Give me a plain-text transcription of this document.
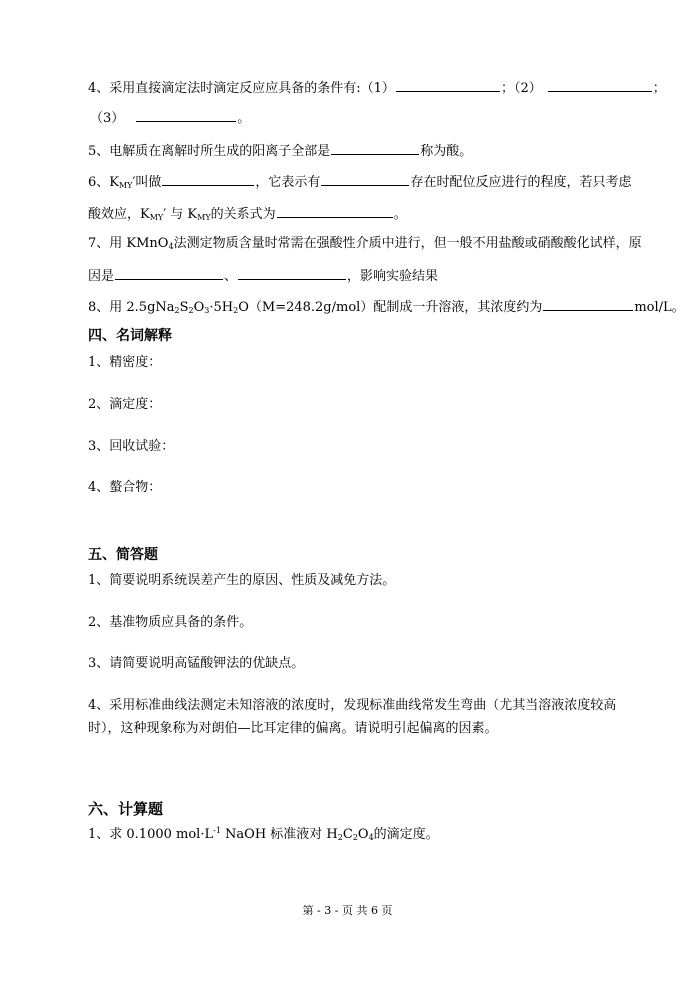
4、采用直接滴定法时滴定反应应具备的条件有:（1）	；（2）	；
（3）	。
5、电解质在离解时所生成的阳离子全部是	称为酸。
6、$K_{MY}'$叫做	，它表示有	存在时配位反应进行的程度，若只考虑
酸效应，$K_{MY}'$ 与 $K_{MY}$的关系式为	。
7、用 KMnO$_4$法测定物质含量时常需在强酸性介质中进行，但一般不用盐酸或硝酸酸化试样，原
因是	、	，影响实验结果
8、用 $2.5gNa_2S_2O_3\cdot 5H_2O(M=248.2g/mol)$配制成一升溶液，其浓度约为	mol/L。
四、名词解释
1、精密度：
2、滴定度：
3、回收试验：
4、螯合物：
五、简答题
1、简要说明系统误差产生的原因、性质及减免方法。
2、基准物质应具备的条件。
3、请简要说明高锰酸钾法的优缺点。
4、采用标准曲线法测定未知溶液的浓度时，发现标准曲线常发生弯曲（尤其当溶液浓度较高
时），这种现象称为对朗伯—比耳定律的偏离。请说明引起偏离的因素。
六、计算题
1、求 0.1000 $mol\cdot L^{-1}$ NaOH 标准液对 $H_2C_2O_4$的滴定度。
第 - 3 - 页 共 6 页
